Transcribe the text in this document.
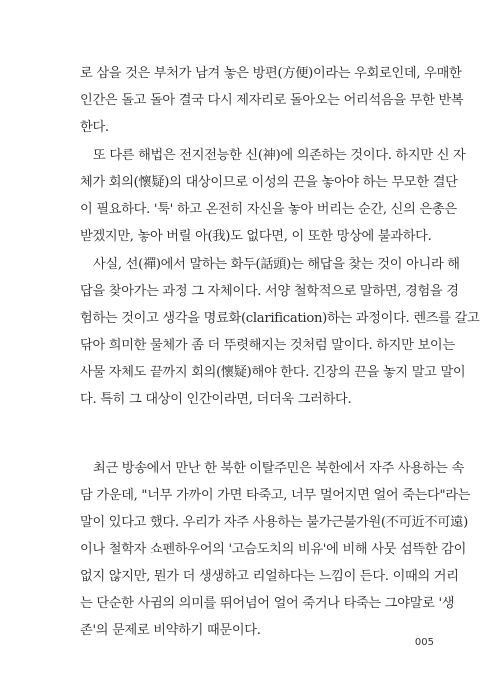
로 삼을 것은 부처가 남겨 놓은 방편(方便)이라는 우회로인데, 우매한
인간은 돌고 돌아 결국 다시 제자리로 돌아오는 어리석음을 무한 반복
한다.
또 다른 해법은 전지전능한 신(神)에 의존하는 것이다. 하지만 신 자
체가 회의(懷疑)의 대상이므로 이성의 끈을 놓아야 하는 무모한 결단
이 필요하다. '툭' 하고 온전히 자신을 놓아 버리는 순간, 신의 은총은
받겠지만, 놓아 버릴 아(我)도 없다면, 이 또한 망상에 불과하다.
사실, 선(禪)에서 말하는 화두(話頭)는 해답을 찾는 것이 아니라 해
답을 찾아가는 과정 그 자체이다. 서양 철학적으로 말하면, 경험을 경
험하는 것이고 생각을 명료화(clarification)하는 과정이다. 렌즈를 갈고
닦아 희미한 물체가 좀 더 뚜렷해지는 것처럼 말이다. 하지만 보이는
사물 자체도 끝까지 회의(懷疑)해야 한다. 긴장의 끈을 놓지 말고 말이
다. 특히 그 대상이 인간이라면, 더더욱 그러하다.
최근 방송에서 만난 한 북한 이탈주민은 북한에서 자주 사용하는 속
담 가운데, "너무 가까이 가면 타죽고, 너무 멀어지면 얼어 죽는다"라는
말이 있다고 했다. 우리가 자주 사용하는 불가근불가원(不可近不可遠)
이나 철학자 쇼펜하우어의 '고슴도치의 비유'에 비해 사뭇 섬뜩한 감이
없지 않지만, 뭔가 더 생생하고 리얼하다는 느낌이 든다. 이때의 거리
는 단순한 사귐의 의미를 뛰어넘어 얼어 죽거나 타죽는 그야말로 '생
존'의 문제로 비약하기 때문이다.
005
